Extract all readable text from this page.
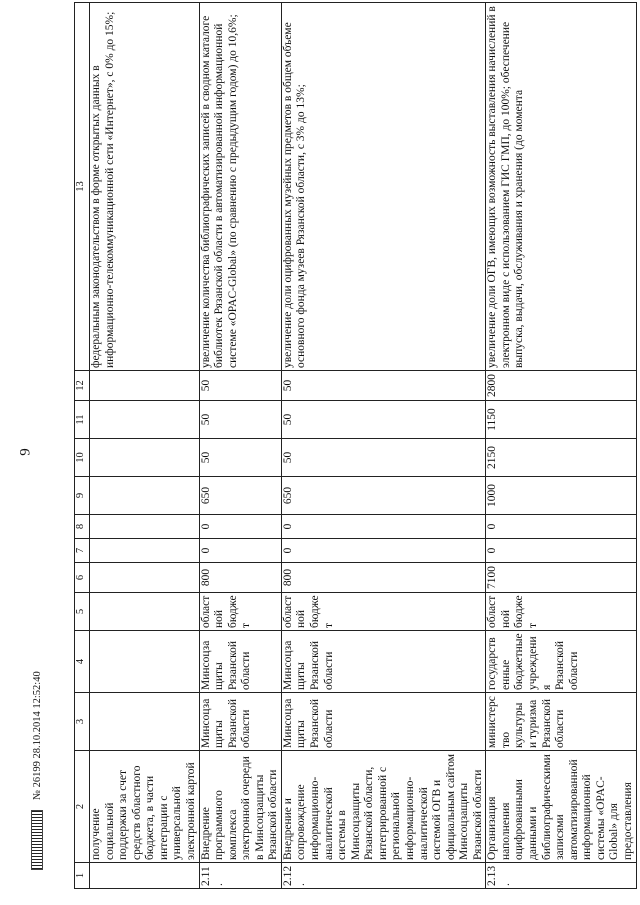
9
1	2	3	4	5	6	7	8	9	10	11	12	13
	получение социальной поддержки за счет средств областного бюджета, в части интеграции с универсальной электронной картой											федеральным законодательством в форме открытых данных в информационно-телекоммуникационной сети «Интернет», с 0% до 15%;
2.11.	Внедрение программного комплекса электронной очереди в Минсоцзащиты Рязанской области	Минсоцзащиты Рязанской области	Минсоцзащиты Рязанской области	областной бюджет	800	0	0	650	50	50	50	увеличение количества библиографических записей в сводном каталоге библиотек Рязанской области в автоматизированной информационной системе «OPAC-Global» (по сравнению с предыдущим годом) до 10,6%;
2.12.	Внедрение и сопровождение информационно-аналитической системы в Минсоцзащиты Рязанской области, интегрированной с региональной информационно-аналитической системой ОГВ и официальным сайтом Минсоцзащиты Рязанской области	Минсоцзащиты Рязанской области	Минсоцзащиты Рязанской области	областной бюджет	800	0	0	650	50	50	50	увеличение доли оцифрованных музейных предметов в общем объеме основного фонда музеев Рязанской области, с 3% до 13%;
2.13.	Организация наполнения оцифрованными данными и библиографическими записями автоматизированной информационной системы «OPAC-Global» для предоставления	министерство культуры и туризма Рязанской области	государственные бюджетные учреждения Рязанской области	областной бюджет	7100	0	0	1000	2150	1150	2800	увеличение доли ОГВ, имеющих возможность выставления начислений в электронном виде с использованием ГИС ГМП, до 100%; обеспечение выпуска, выдачи, обслуживания и хранения (до момента
№ 26199 28.10.2014 12:52:40
